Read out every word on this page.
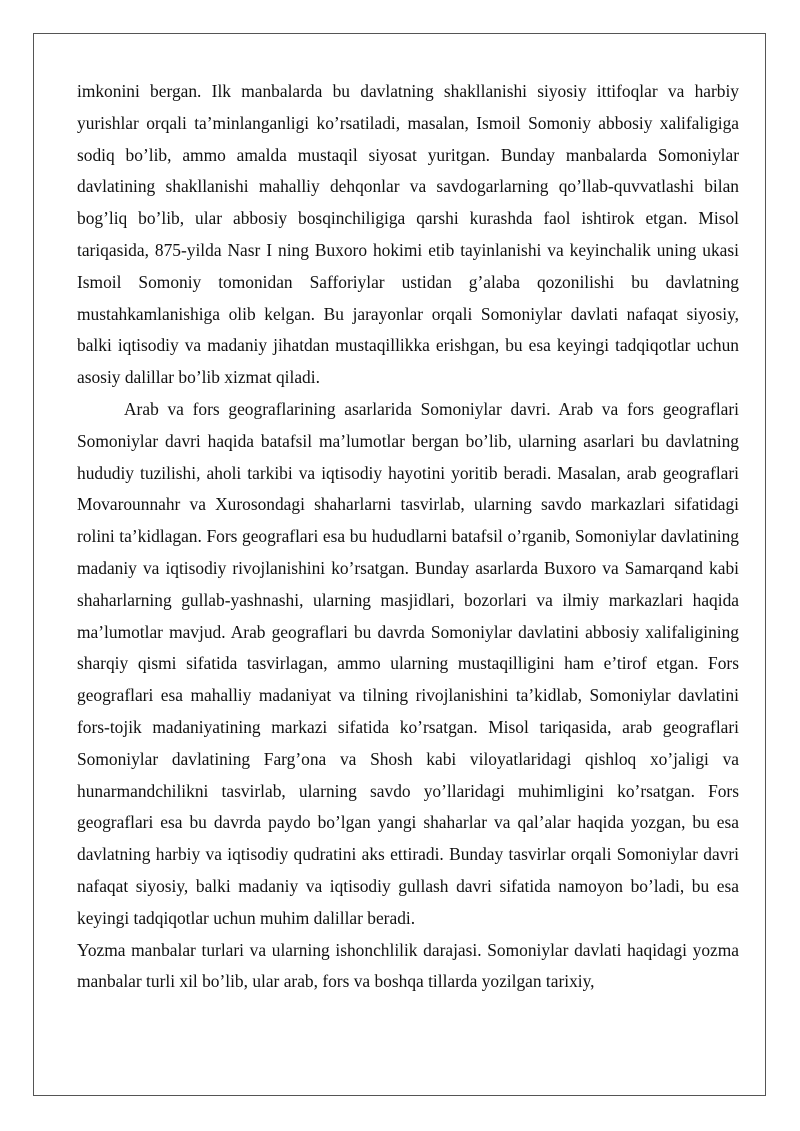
imkonini bergan. Ilk manbalarda bu davlatning shakllanishi siyosiy ittifoqlar va harbiy yurishlar orqali ta’minlanganligi ko’rsatiladi, masalan, Ismoil Somoniy abbosiy xalifaligiga sodiq bo’lib, ammo amalda mustaqil siyosat yuritgan. Bunday manbalarda Somoniylar davlatining shakllanishi mahalliy dehqonlar va savdogarlarning qo’llab-quvvatlashi bilan bog’liq bo’lib, ular abbosiy bosqinchiligiga qarshi kurashda faol ishtirok etgan. Misol tariqasida, 875-yilda Nasr I ning Buxoro hokimi etib tayinlanishi va keyinchalik uning ukasi Ismoil Somoniy tomonidan Safforiylar ustidan g’alaba qozonilishi bu davlatning mustahkamlanishiga olib kelgan. Bu jarayonlar orqali Somoniylar davlati nafaqat siyosiy, balki iqtisodiy va madaniy jihatdan mustaqillikka erishgan, bu esa keyingi tadqiqotlar uchun asosiy dalillar bo’lib xizmat qiladi.

Arab va fors geograflarining asarlarida Somoniylar davri. Arab va fors geograflari Somoniylar davri haqida batafsil ma’lumotlar bergan bo’lib, ularning asarlari bu davlatning hududiy tuzilishi, aholi tarkibi va iqtisodiy hayotini yoritib beradi. Masalan, arab geograflari Movarounnahr va Xurosondagi shaharlarni tasvirlab, ularning savdo markazlari sifatidagi rolini ta’kidlagan. Fors geograflari esa bu hududlarni batafsil o’rganib, Somoniylar davlatining madaniy va iqtisodiy rivojlanishini ko’rsatgan. Bunday asarlarda Buxoro va Samarqand kabi shaharlarning gullab-yashnashi, ularning masjidlari, bozorlari va ilmiy markazlari haqida ma’lumotlar mavjud. Arab geograflari bu davrda Somoniylar davlatini abbosiy xalifaligining sharqiy qismi sifatida tasvirlagan, ammo ularning mustaqilligini ham e’tirof etgan. Fors geograflari esa mahalliy madaniyat va tilning rivojlanishini ta’kidlab, Somoniylar davlatini fors-tojik madaniyatining markazi sifatida ko’rsatgan. Misol tariqasida, arab geograflari Somoniylar davlatining Farg’ona va Shosh kabi viloyatlaridagi qishloq xo’jaligi va hunarmandchilikni tasvirlab, ularning savdo yo’llaridagi muhimligini ko’rsatgan. Fors geograflari esa bu davrda paydo bo’lgan yangi shaharlar va qal’alar haqida yozgan, bu esa davlatning harbiy va iqtisodiy qudratini aks ettiradi. Bunday tasvirlar orqali Somoniylar davri nafaqat siyosiy, balki madaniy va iqtisodiy gullash davri sifatida namoyon bo’ladi, bu esa keyingi tadqiqotlar uchun muhim dalillar beradi.

Yozma manbalar turlari va ularning ishonchlilik darajasi. Somoniylar davlati haqidagi yozma manbalar turli xil bo’lib, ular arab, fors va boshqa tillarda yozilgan tarixiy,
